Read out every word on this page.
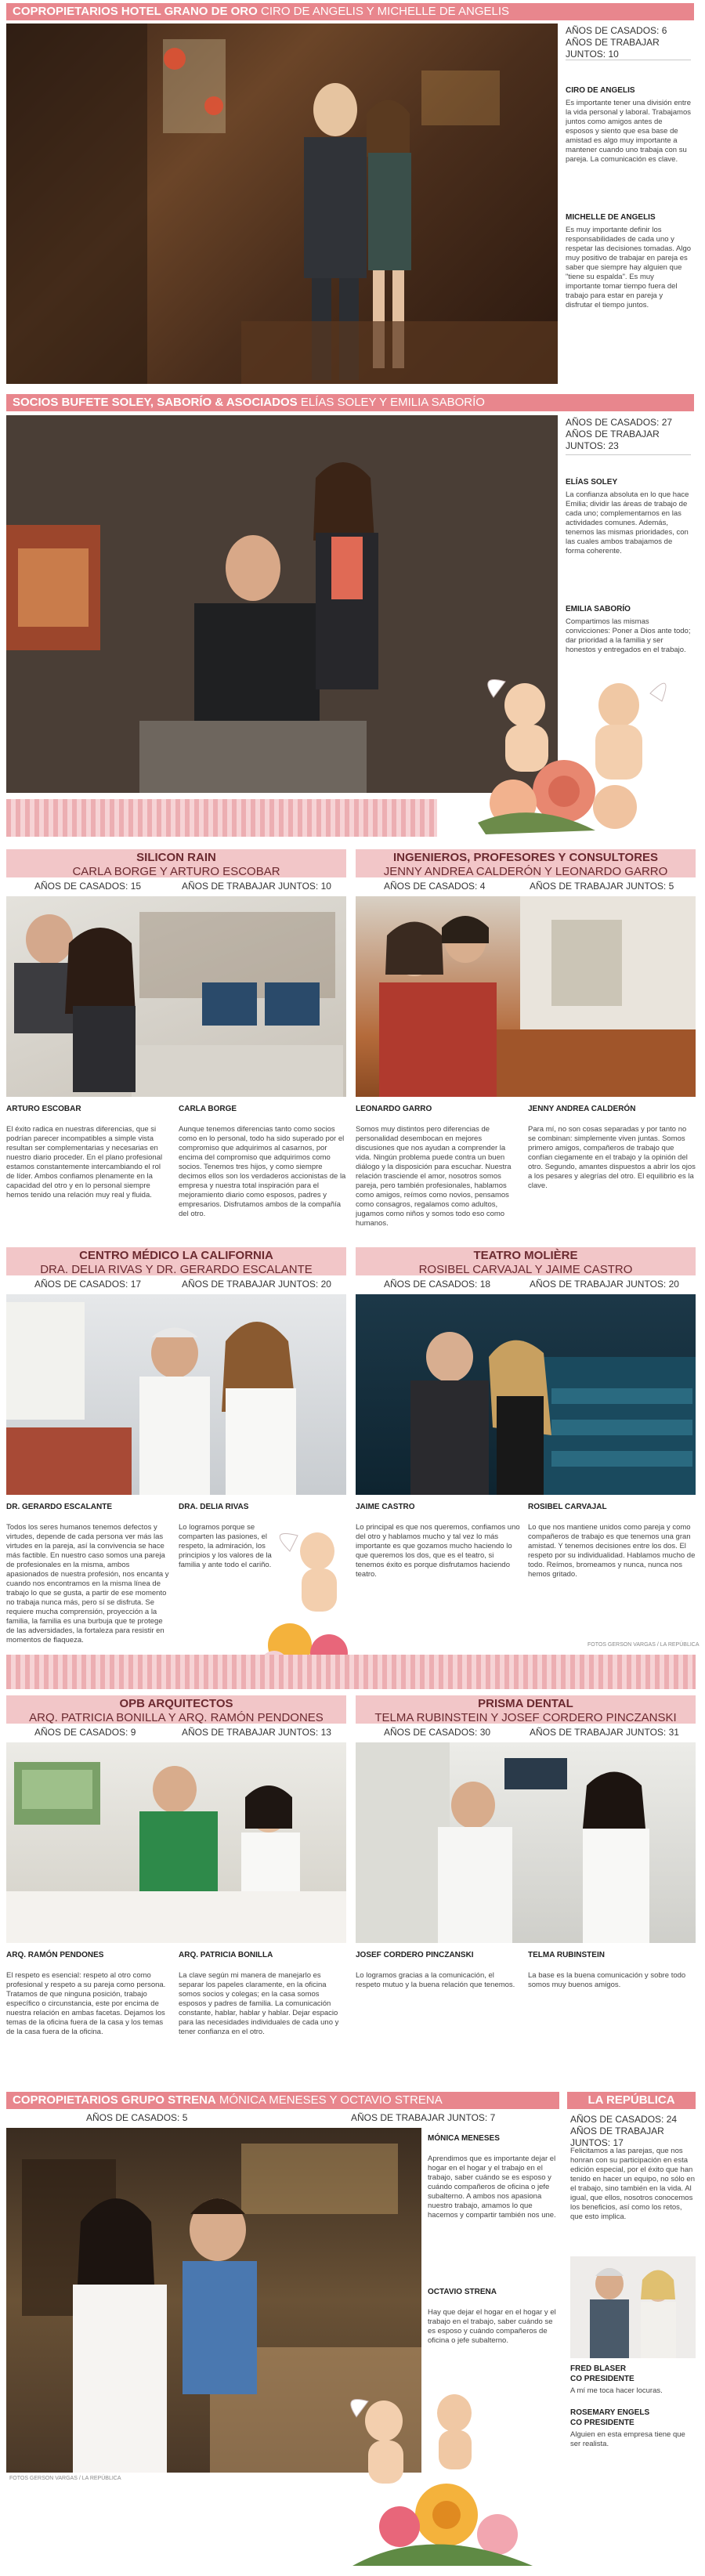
COPROPIETARIOS HOTEL GRANO DE ORO CIRO DE ANGELIS Y MICHELLE DE ANGELIS
AÑOS DE CASADOS: 6
AÑOS DE TRABAJAR JUNTOS: 10
CIRO DE ANGELIS
Es importante tener una división entre la vida personal y laboral. Trabajamos juntos como amigos antes de esposos y siento que esa base de amistad es algo muy importante a mantener cuando uno trabaja con su pareja. La comunicación es clave.
MICHELLE DE ANGELIS
Es muy importante definir los responsabilidades de cada uno y respetar las decisiones tomadas. Algo muy positivo de trabajar en pareja es saber que siempre hay alguien que "tiene su espalda". Es muy importante tomar tiempo fuera del trabajo para estar en pareja y disfrutar el tiempo juntos.
SOCIOS BUFETE SOLEY, SABORÍO & ASOCIADOS ELÍAS SOLEY Y EMILIA SABORÍO
AÑOS DE CASADOS: 27
AÑOS DE TRABAJAR JUNTOS: 23
ELÍAS SOLEY
La confianza absoluta en lo que hace Emilia; dividir las áreas de trabajo de cada uno; complementarnos en las actividades comunes. Además, tenemos las mismas prioridades, con las cuales ambos trabajamos de forma coherente.
EMILIA SABORÍO
Compartimos las mismas convicciones: Poner a Dios ante todo; dar prioridad a la familia y ser honestos y entregados en el trabajo.
SILICON RAIN
CARLA BORGE Y ARTURO ESCOBAR
AÑOS DE CASADOS: 15	AÑOS DE TRABAJAR JUNTOS: 10
ARTURO ESCOBAR
El éxito radica en nuestras diferencias, que si podrían parecer incompatibles a simple vista resultan ser complementarias y necesarias en nuestro diario proceder. En el plano profesional estamos constantemente intercambiando el rol de líder. Ambos confiamos plenamente en la capacidad del otro y en lo personal siempre hemos tenido una relación muy real y fluida.
CARLA BORGE
Aunque tenemos diferencias tanto como socios como en lo personal, todo ha sido superado por el compromiso que adquirimos al casarnos, por encima del compromiso que adquirimos como socios. Tenemos tres hijos, y como siempre decimos ellos son los verdaderos accionistas de la empresa y nuestra total inspiración para el mejoramiento diario como esposos, padres y empresarios. Disfrutamos ambos de la compañía del otro.
INGENIEROS, PROFESORES Y CONSULTORES
JENNY ANDREA CALDERÓN Y LEONARDO GARRO
AÑOS DE CASADOS: 4	AÑOS DE TRABAJAR JUNTOS: 5
LEONARDO GARRO
Somos muy distintos pero diferencias de personalidad desembocan en mejores discusiones que nos ayudan a comprender la vida. Ningún problema puede contra un buen diálogo y la disposición para escuchar. Nuestra relación trasciende el amor, nosotros somos pareja, pero también profesionales, hablamos como amigos, reímos como novios, pensamos como consagros, regalamos como adultos, jugamos como niños y somos todo eso como humanos.
JENNY ANDREA CALDERÓN
Para mí, no son cosas separadas y por tanto no se combinan: simplemente viven juntas. Somos primero amigos, compañeros de trabajo que confían ciegamente en el trabajo y la opinión del otro. Segundo, amantes dispuestos a abrir los ojos a los pesares y alegrías del otro. El equilibrio es la clave.
CENTRO MÉDICO LA CALIFORNIA
DRA. DELIA RIVAS Y DR. GERARDO ESCALANTE
AÑOS DE CASADOS: 17	AÑOS DE TRABAJAR JUNTOS: 20
DR. GERARDO ESCALANTE
Todos los seres humanos tenemos defectos y virtudes, depende de cada persona ver más las virtudes en la pareja, así la convivencia se hace más factible. En nuestro caso somos una pareja de profesionales en la misma, ambos apasionados de nuestra profesión, nos encanta y cuando nos encontramos en la misma línea de trabajo lo que se gusta, a partir de ese momento no trabaja nunca más, pero sí se disfruta. Se requiere mucha comprensión, proyección a la familia, la familia es una burbuja que te protege de las adversidades, la fortaleza para resistir en momentos de flaqueza.
DRA. DELIA RIVAS
Lo logramos porque se comparten las pasiones, el respeto, la admiración, los principios y los valores de la familia y ante todo el cariño.
TEATRO MOLIÈRE
ROSIBEL CARVAJAL Y JAIME CASTRO
AÑOS DE CASADOS: 18	AÑOS DE TRABAJAR JUNTOS: 20
JAIME CASTRO
Lo principal es que nos queremos, confiamos uno del otro y hablamos mucho y tal vez lo más importante es que gozamos mucho haciendo lo que queremos los dos, que es el teatro, si tenemos éxito es porque disfrutamos haciendo teatro.
ROSIBEL CARVAJAL
Lo que nos mantiene unidos como pareja y como compañeros de trabajo es que tenemos una gran amistad. Y tenemos decisiones entre los dos. El respeto por su individualidad. Hablamos mucho de todo. Reímos, bromeamos y nunca, nunca nos hemos gritado.
FOTOS GERSON VARGAS / LA REPÚBLICA
OPB ARQUITECTOS
ARQ. PATRICIA BONILLA Y ARQ. RAMÓN PENDONES
AÑOS DE CASADOS: 9	AÑOS DE TRABAJAR JUNTOS: 13
ARQ. RAMÓN PENDONES
El respeto es esencial: respeto al otro como profesional y respeto a su pareja como persona. Tratamos de que ninguna posición, trabajo específico o circunstancia, este por encima de nuestra relación en ambas facetas. Dejamos los temas de la oficina fuera de la casa y los temas de la casa fuera de la oficina.
ARQ. PATRICIA BONILLA
La clave según mi manera de manejarlo es separar los papeles claramente, en la oficina somos socios y colegas; en la casa somos esposos y padres de familia. La comunicación constante, hablar, hablar y hablar. Dejar espacio para las necesidades individuales de cada uno y tener confianza en el otro.
PRISMA DENTAL
TELMA RUBINSTEIN Y JOSEF CORDERO PINCZANSKI
AÑOS DE CASADOS: 30	AÑOS DE TRABAJAR JUNTOS: 31
JOSEF CORDERO PINCZANSKI
Lo logramos gracias a la comunicación, el respeto mutuo y la buena relación que tenemos.
TELMA RUBINSTEIN
La base es la buena comunicación y sobre todo somos muy buenos amigos.
COPROPIETARIOS GRUPO STRENA MÓNICA MENESES Y OCTAVIO STRENA
AÑOS DE CASADOS: 5	AÑOS DE TRABAJAR JUNTOS: 7
FOTOS GERSON VARGAS / LA REPÚBLICA
MÓNICA MENESES
Aprendimos que es importante dejar el hogar en el hogar y el trabajo en el trabajo, saber cuándo se es esposo y cuándo compañeros de oficina o jefe subalterno. A ambos nos apasiona nuestro trabajo, amamos lo que hacemos y compartir también nos une.
OCTAVIO STRENA
Hay que dejar el hogar en el hogar y el trabajo en el trabajo, saber cuándo se es esposo y cuándo compañeros de oficina o jefe subalterno.
LA REPÚBLICA
AÑOS DE CASADOS: 24
AÑOS DE TRABAJAR JUNTOS: 17
Felicitamos a las parejas, que nos honran con su participación en esta edición especial, por el éxito que han tenido en hacer un equipo, no sólo en el trabajo, sino también en la vida. Al igual, que ellos, nosotros conocemos los beneficios, así como los retos, que esto implica.
FRED BLASER
CO PRESIDENTE
A mí me toca hacer locuras.
ROSEMARY ENGELS
CO PRESIDENTE
Alguien en esta empresa tiene que ser realista.
